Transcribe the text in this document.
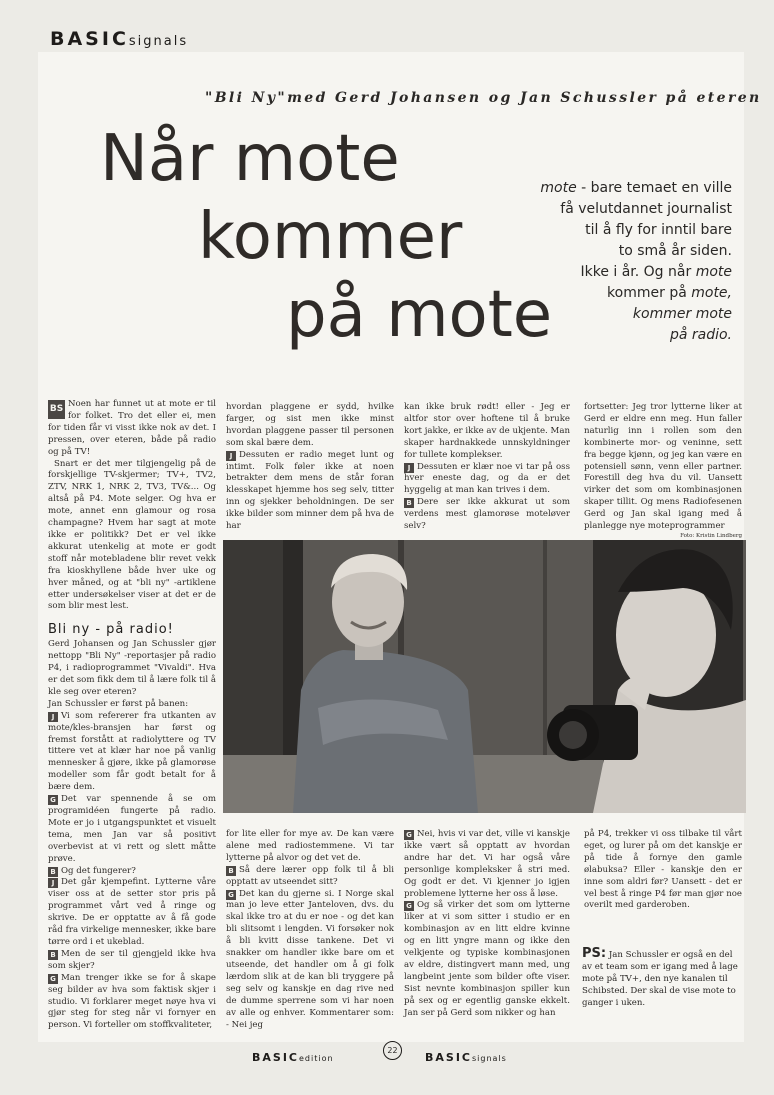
BASICsignals
"Bli Ny"med Gerd Johansen og Jan Schussler på eteren
Når mote
kommer
på mote
mote - bare temaet en ville
få velutdannet journalist
til å fly for inntil bare
to små år siden.
Ikke i år. Og når mote
kommer på mote,
kommer mote
på radio.

BS Noen har funnet ut at mote er til for folket. Tro det eller ei, men for tiden får vi visst ikke nok av det. I pressen, over eteren, både på radio og på TV!

Snart er det mer tilgjengelig på de forskjellige TV-skjermer; TV+, TV2, ZTV, NRK 1, NRK 2, TV3, TV&... Og altså på P4. Mote selger. Og hva er mote, annet enn glamour og rosa champagne? Hvem har sagt at mote ikke er politikk? Det er vel ikke akkurat utenkelig at mote er godt stoff når motebladene blir revet vekk fra kioskhyllene både hver uke og hver måned, og at "bli ny" -artiklene etter undersøkelser viser at det er de som blir mest lest.

Bli ny - på radio!

Gerd Johansen og Jan Schussler gjør nettopp "Bli Ny" -reportasjer på radio P4, i radioprogrammet "Vivaldi". Hva er det som fikk dem til å lære folk til å kle seg over eteren?

Jan Schussler er først på banen:

J Vi som refererer fra utkanten av mote/kles-bransjen har først og fremst forstått at radiolyttere og TV tittere vet at klær har noe på vanlig mennesker å gjøre, ikke på glamorøse modeller som får godt betalt for å bære dem.

G Det var spennende å se om programidéen fungerte på radio. Mote er jo i utgangspunktet et visuelt tema, men Jan var så positivt overbevist at vi rett og slett måtte prøve.

B Og det fungerer?

J Det går kjempefint. Lytterne våre viser oss at de setter stor pris på programmet vårt ved å ringe og skrive. De er opptatte av å få gode råd fra virkelige mennesker, ikke bare tørre ord i et ukeblad.

B Men de ser til gjengjeld ikke hva som skjer?

G Man trenger ikke se for å skape seg bilder av hva som faktisk skjer i studio. Vi forklarer meget nøye hva vi gjør steg for steg når vi fornyer en person. Vi forteller om stoffkvaliteter,

hvordan plaggene er sydd, hvilke farger, og sist men ikke minst hvordan plaggene passer til personen som skal bære dem.

J Dessuten er radio meget lunt og intimt. Folk føler ikke at noen betrakter dem mens de står foran klesskapet hjemme hos seg selv, titter inn og sjekker beholdningen. De ser ikke bilder som minner dem på hva de har

kan ikke bruk rødt! eller - Jeg er altfor stor over hoftene til å bruke kort jakke, er ikke av de ukjente. Man skaper hardnakkede unnskyldninger for tullete komplekser.

J Dessuten er klær noe vi tar på oss hver eneste dag, og da er det hyggelig at man kan trives i dem.

B Dere ser ikke akkurat ut som verdens mest glamorøse moteløver selv?

fortsetter: Jeg tror lytterne liker at Gerd er eldre enn meg. Hun faller naturlig inn i rollen som den kombinerte mor- og veninne, sett fra begge kjønn, og jeg kan være en potensiell sønn, venn eller partner. Forestill deg hva du vil. Uansett virker det som om kombinasjonen skaper tillit. Og mens Radiofesenen Gerd og Jan skal igang med å planlegge nye moteprogrammer

Foto: Kristin Lindberg

for lite eller for mye av. De kan være alene med radiostemmene. Vi tar lytterne på alvor og det vet de.

B Så dere lærer opp folk til å bli opptatt av utseendet sitt?

G Det kan du gjerne si. I Norge skal man jo leve etter Janteloven, dvs. du skal ikke tro at du er noe - og det kan bli slitsomt i lengden. Vi forsøker nok å bli kvitt disse tankene. Det vi snakker om handler ikke bare om et utseende, det handler om å gi folk lærdom slik at de kan bli tryggere på seg selv og kanskje en dag rive ned de dumme sperrene som vi har noen av alle og enhver. Kommentarer som: - Nei jeg

G Nei, hvis vi var det, ville vi kanskje ikke vært så opptatt av hvordan andre har det. Vi har også våre personlige kompleksker å stri med. Og godt er det. Vi kjenner jo igjen problemene lytterne her oss å løse.

G Og så virker det som om lytterne liker at vi som sitter i studio er en kombinasjon av en litt eldre kvinne og en litt yngre mann og ikke den velkjente og typiske kombinasjonen av eldre, distingvert mann med, ung langbeint jente som bilder ofte viser. Sist nevnte kombinasjon spiller kun på sex og er egentlig ganske ekkelt. Jan ser på Gerd som nikker og han

på P4, trekker vi oss tilbake til vårt eget, og lurer på om det kanskje er på tide å fornye den gamle ølabuksa? Eller - kanskje den er inne som aldri før? Uansett - det er vel best å ringe P4 før man gjør noe overilt med garderoben.

PS: Jan Schussler er også en del av et team som er igang med å lage mote på TV+, den nye kanalen til Schibsted. Der skal de vise mote to ganger i uken.
BASICedition
22
BASICsignals
